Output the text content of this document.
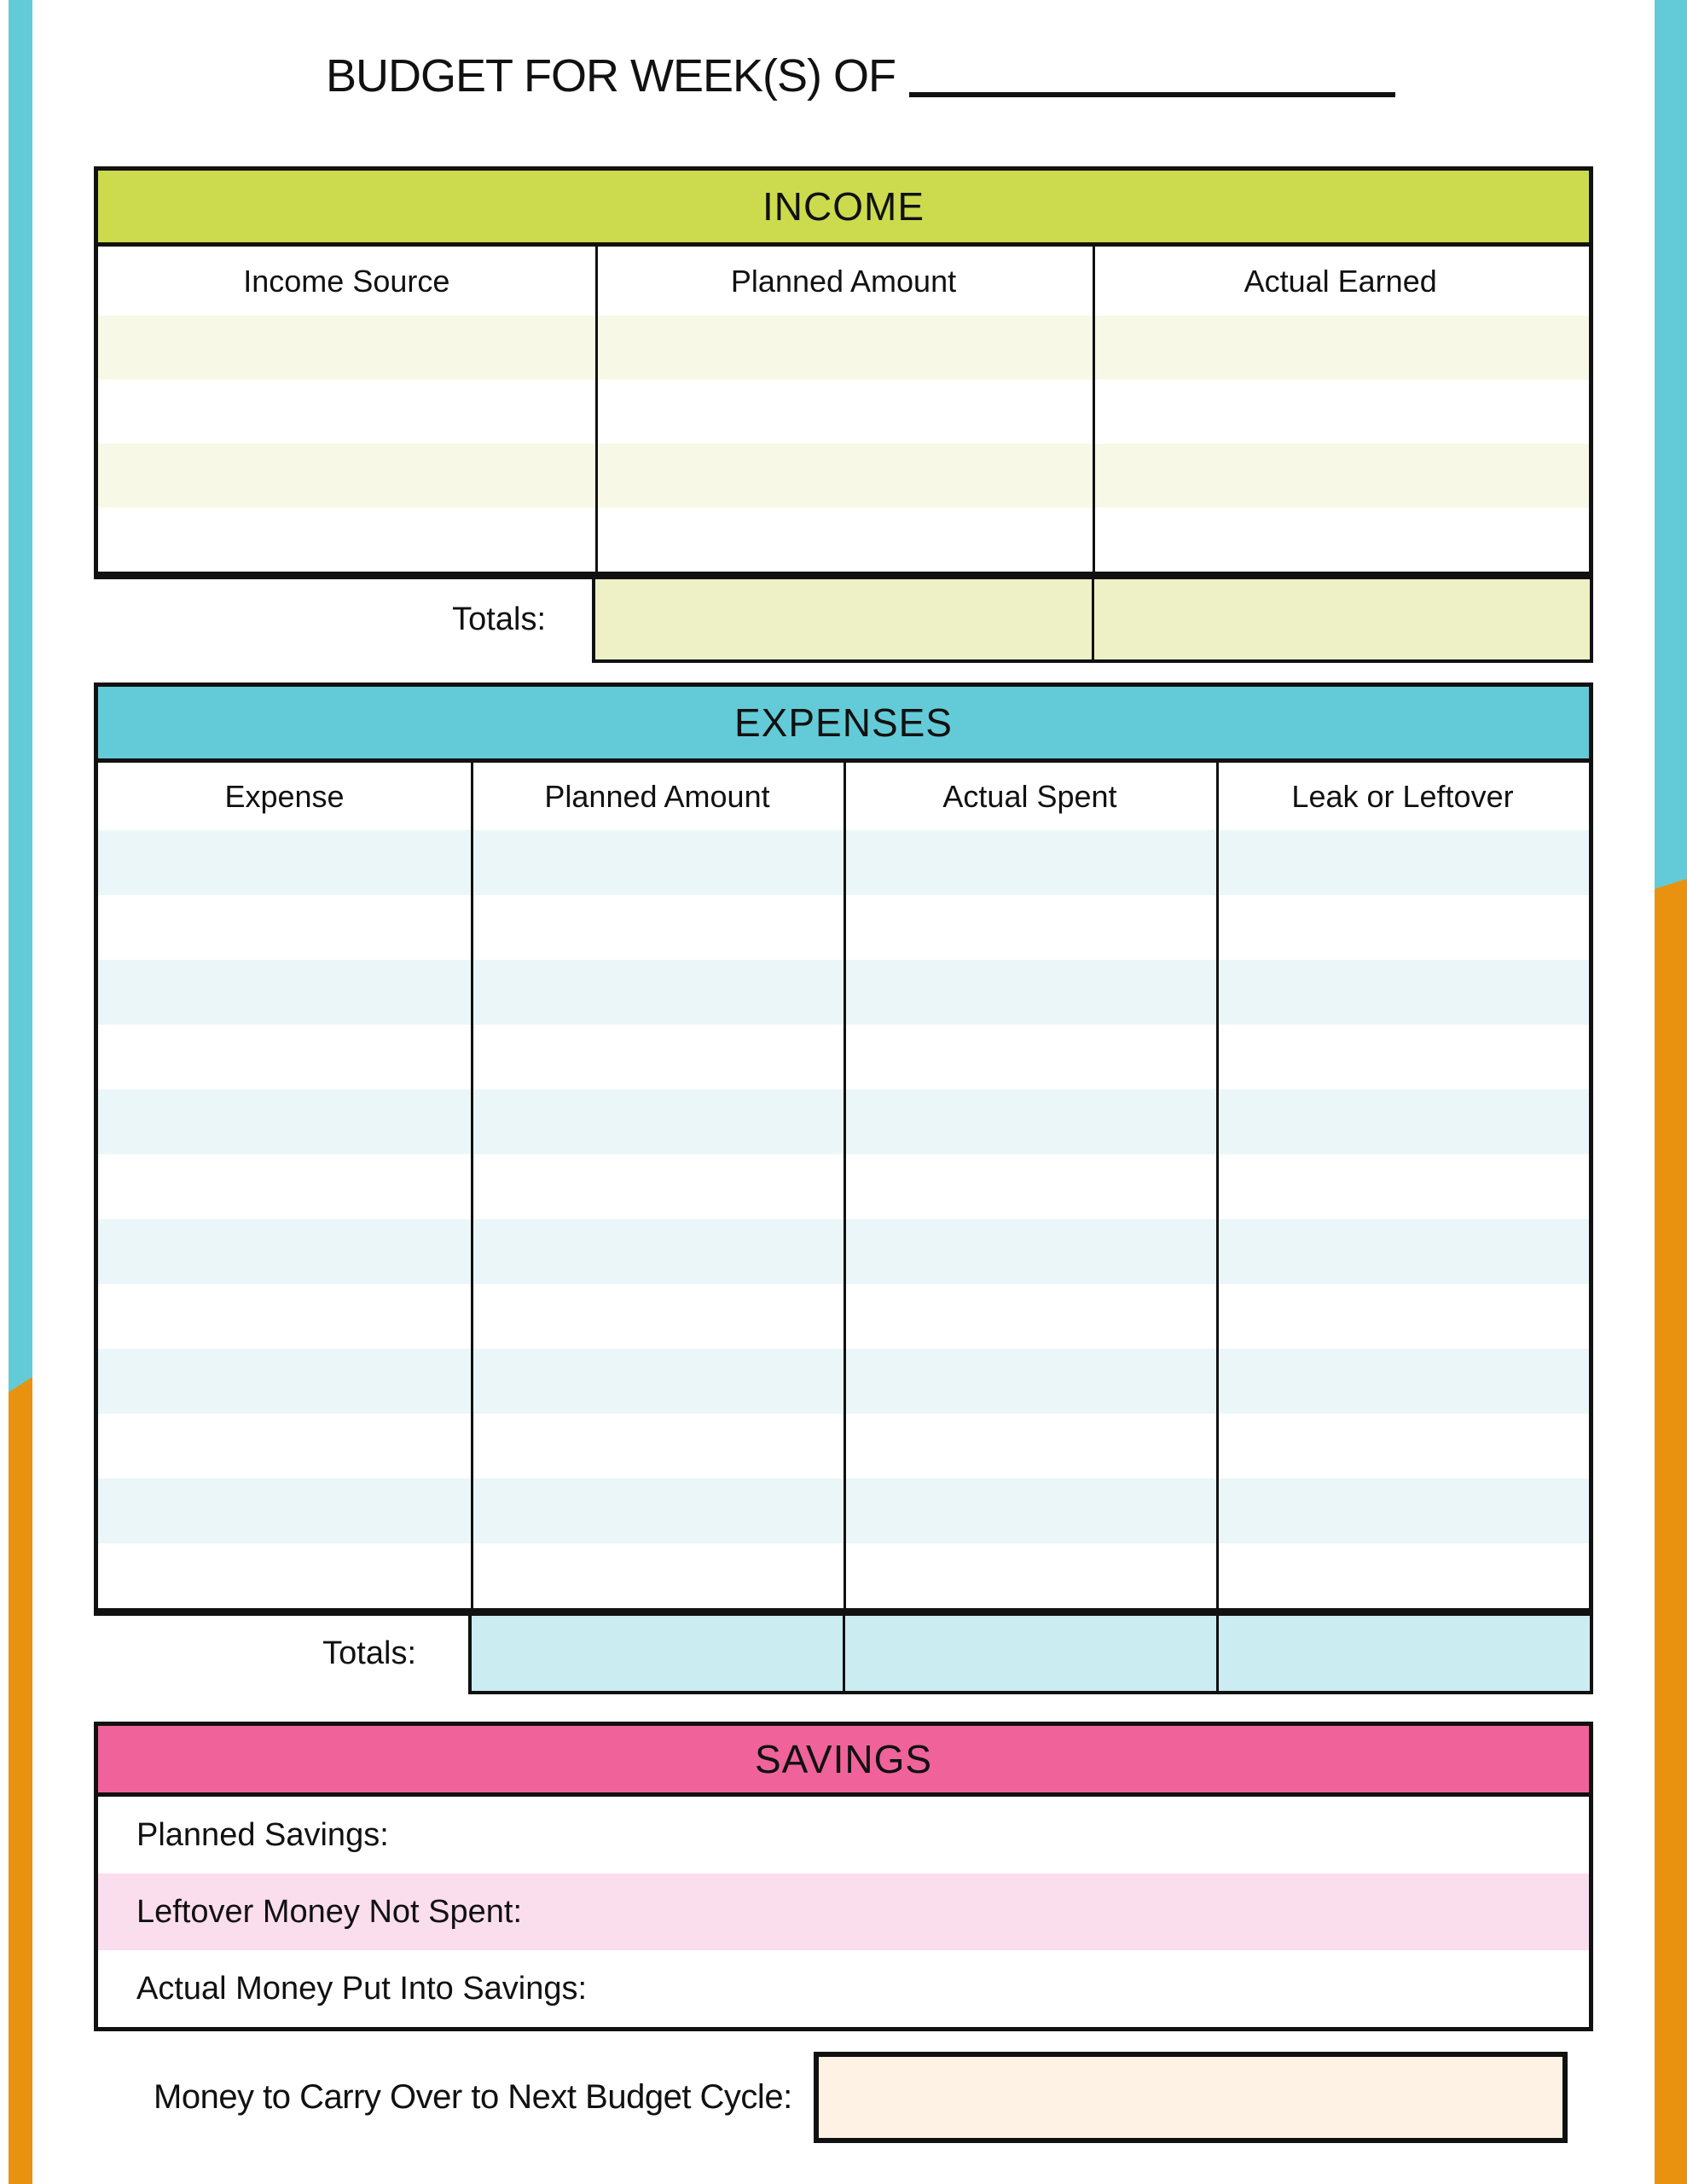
BUDGET FOR WEEK(S) OF
INCOME
Income Source	Planned Amount	Actual Earned
Totals:
EXPENSES
Expense	Planned Amount	Actual Spent	Leak or Leftover
Totals:
SAVINGS
Planned Savings:
Leftover Money Not Spent:
Actual Money Put Into Savings:
Money to Carry Over to Next Budget Cycle:
